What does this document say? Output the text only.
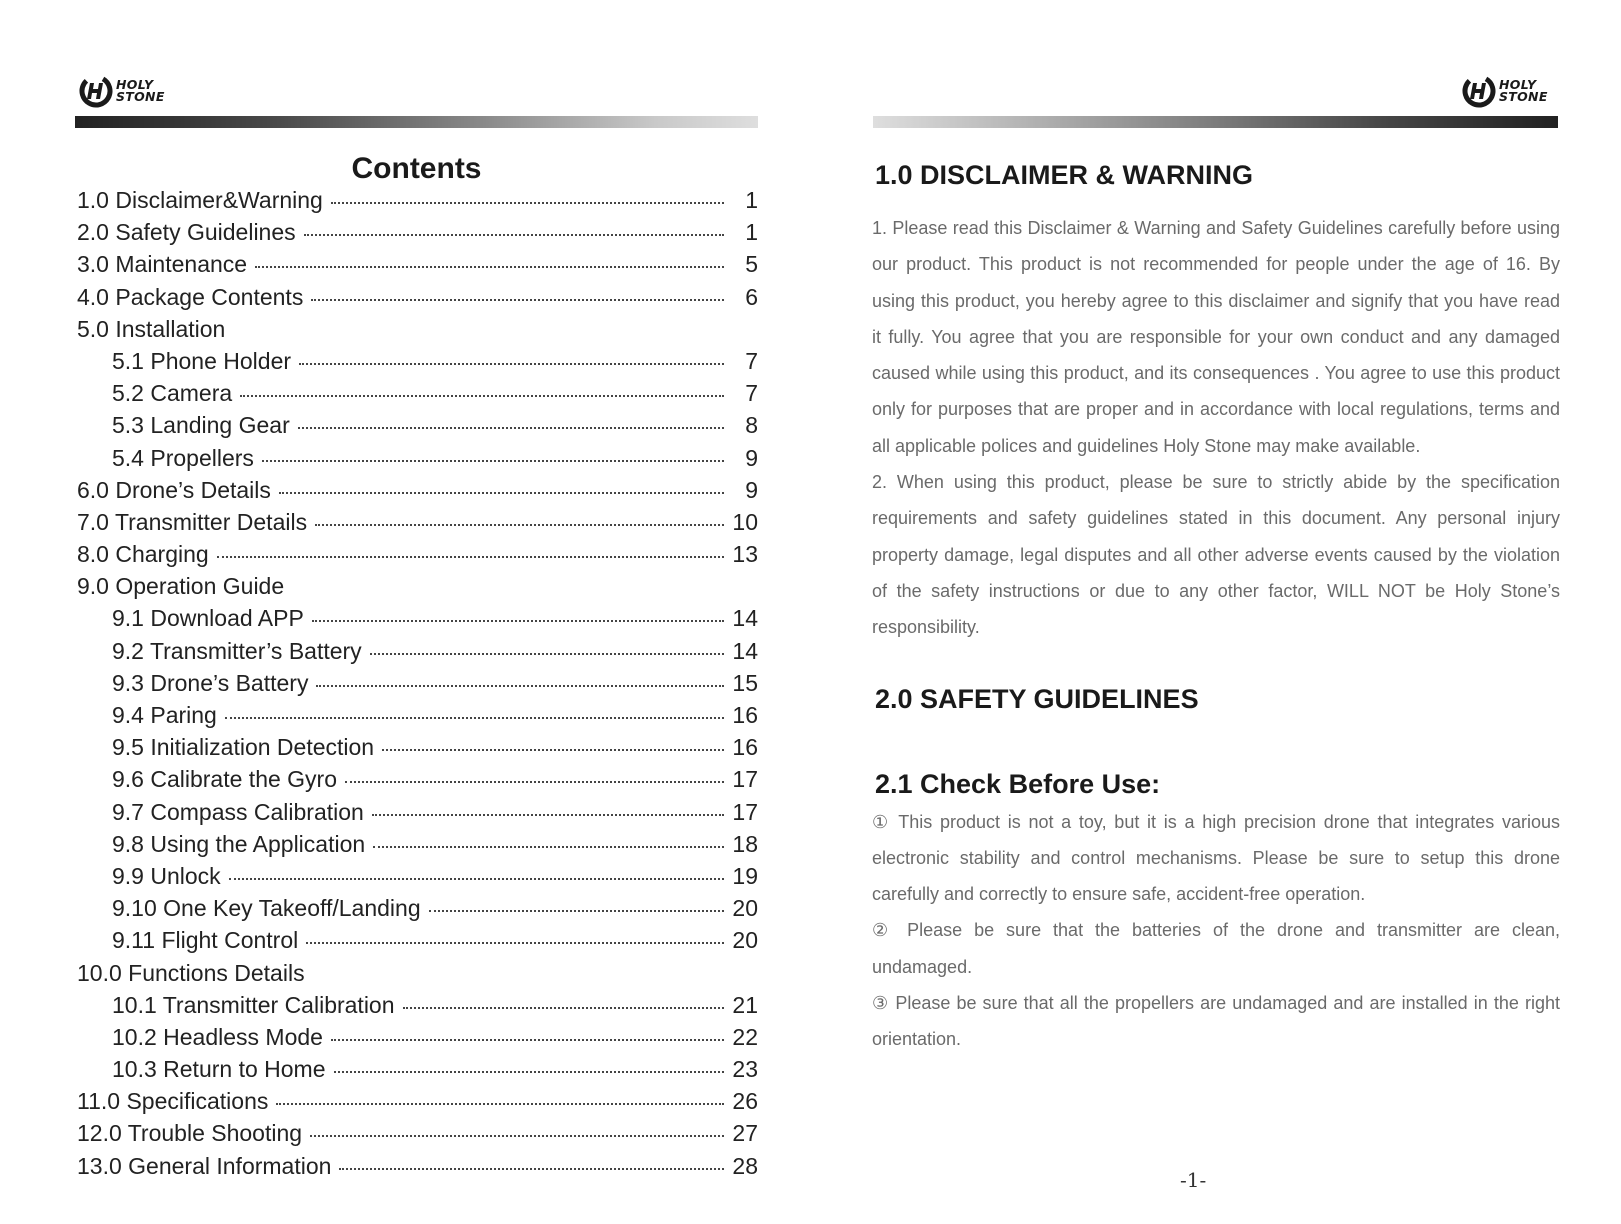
HOLY
STONE
Contents
1.0 Disclaimer&Warning	1
2.0 Safety Guidelines	1
3.0 Maintenance	5
4.0 Package Contents	6
5.0 Installation
5.1 Phone Holder	7
5.2 Camera	7
5.3 Landing Gear	8
5.4 Propellers	9
6.0 Drone’s Details	9
7.0 Transmitter Details	10
8.0 Charging	13
9.0 Operation Guide
9.1 Download APP	14
9.2 Transmitter’s Battery	14
9.3 Drone’s Battery	15
9.4 Paring	16
9.5 Initialization Detection	16
9.6 Calibrate the Gyro	17
9.7 Compass Calibration	17
9.8 Using the Application	18
9.9 Unlock	19
9.10 One Key Takeoff/Landing	20
9.11 Flight Control	20
10.0 Functions Details
10.1 Transmitter Calibration	21
10.2 Headless Mode	22
10.3 Return to Home	23
11.0 Specifications	26
12.0 Trouble Shooting	27
13.0 General Information	28
HOLY
STONE
1.0 DISCLAIMER & WARNING

1. Please read this Disclaimer & Warning and Safety Guidelines carefully before using our product. This product is not recommended for people under the age of 16. By using this product, you hereby agree to this disclaimer and signify that you have read it fully. You agree that you are responsible for your own conduct and any damaged caused while using this product, and its consequences . You agree to use this product only for purposes that are proper and in accordance with local regulations, terms and all applicable polices and guidelines Holy Stone may make available.

2. When using this product, please be sure to strictly abide by the specification requirements and safety guidelines stated in this document. Any personal injury property damage, legal disputes and all other adverse events caused by the violation of the safety instructions or due to any other factor, WILL NOT be Holy Stone’s responsibility.

2.0 SAFETY GUIDELINES
2.1 Check Before Use:

① This product is not a toy, but it is a high precision drone that integrates various electronic stability and control mechanisms. Please be sure to setup this drone carefully and correctly to ensure safe, accident-free operation.

② Please be sure that the batteries of the drone and transmitter are clean, undamaged.

③ Please be sure that all the propellers are undamaged and are installed in the right orientation.

-1-
